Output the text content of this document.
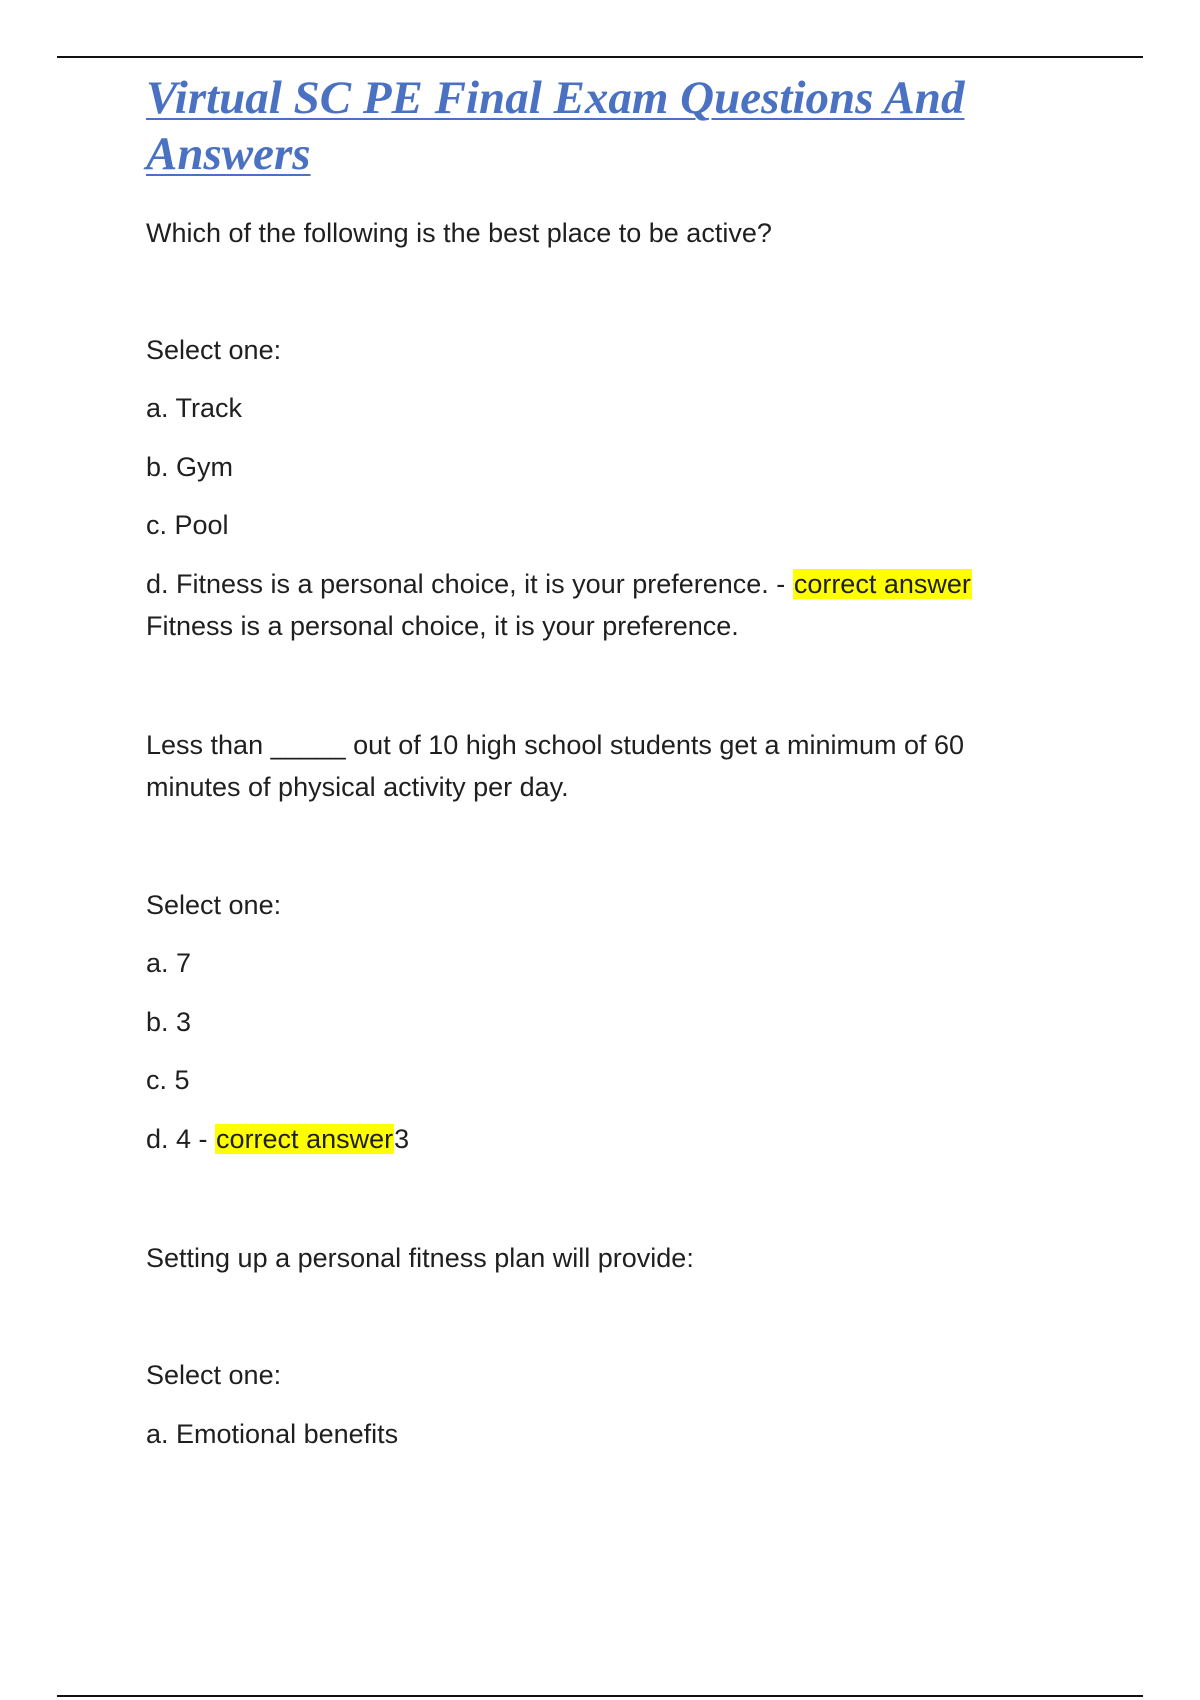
Virtual SC PE Final Exam Questions And Answers

Which of the following is the best place to be active?

Select one:

a. Track

b. Gym

c. Pool

d. Fitness is a personal choice, it is your preference. - correct answer

Fitness is a personal choice, it is your preference.

Less than _____ out of 10 high school students get a minimum of 60

minutes of physical activity per day.

Select one:

a. 7

b. 3

c. 5

d. 4 - correct answer3

Setting up a personal fitness plan will provide:

Select one:

a. Emotional benefits
